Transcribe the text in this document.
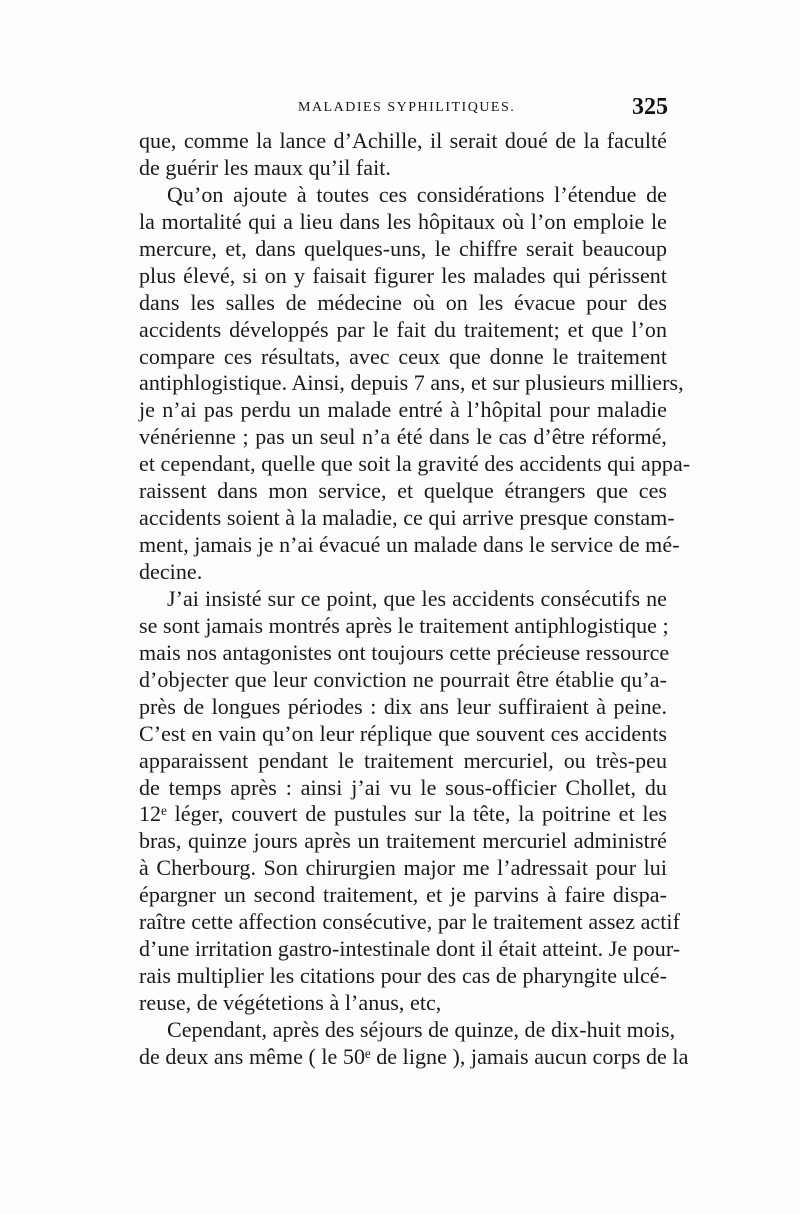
MALADIES SYPHILITIQUES.	325
que, comme la lance d’Achille, il serait doué de la faculté
de guérir les maux qu’il fait.
Qu’on ajoute à toutes ces considérations l’étendue de
la mortalité qui a lieu dans les hôpitaux où l’on emploie le
mercure, et, dans quelques-uns, le chiffre serait beaucoup
plus élevé, si on y faisait figurer les malades qui périssent
dans les salles de médecine où on les évacue pour des
accidents développés par le fait du traitement; et que l’on
compare ces résultats, avec ceux que donne le traitement
antiphlogistique. Ainsi, depuis 7 ans, et sur plusieurs milliers,
je n’ai pas perdu un malade entré à l’hôpital pour maladie
vénérienne ; pas un seul n’a été dans le cas d’être réformé,
et cependant, quelle que soit la gravité des accidents qui appa-
raissent dans mon service, et quelque étrangers que ces
accidents soient à la maladie, ce qui arrive presque constam-
ment, jamais je n’ai évacué un malade dans le service de mé-
decine.
J’ai insisté sur ce point, que les accidents consécutifs ne
se sont jamais montrés après le traitement antiphlogistique ;
mais nos antagonistes ont toujours cette précieuse ressource
d’objecter que leur conviction ne pourrait être établie qu’a-
près de longues périodes : dix ans leur suffiraient à peine.
C’est en vain qu’on leur réplique que souvent ces accidents
apparaissent pendant le traitement mercuriel, ou très-peu
de temps après : ainsi j’ai vu le sous-officier Chollet, du
12ᵉ léger, couvert de pustules sur la tête, la poitrine et les
bras, quinze jours après un traitement mercuriel administré
à Cherbourg. Son chirurgien major me l’adressait pour lui
épargner un second traitement, et je parvins à faire dispa-
raître cette affection consécutive, par le traitement assez actif
d’une irritation gastro-intestinale dont il était atteint. Je pour-
rais multiplier les citations pour des cas de pharyngite ulcé-
reuse, de végétetions à l’anus, etc,
Cependant, après des séjours de quinze, de dix-huit mois,
de deux ans même ( le 50ᵉ de ligne ), jamais aucun corps de la
